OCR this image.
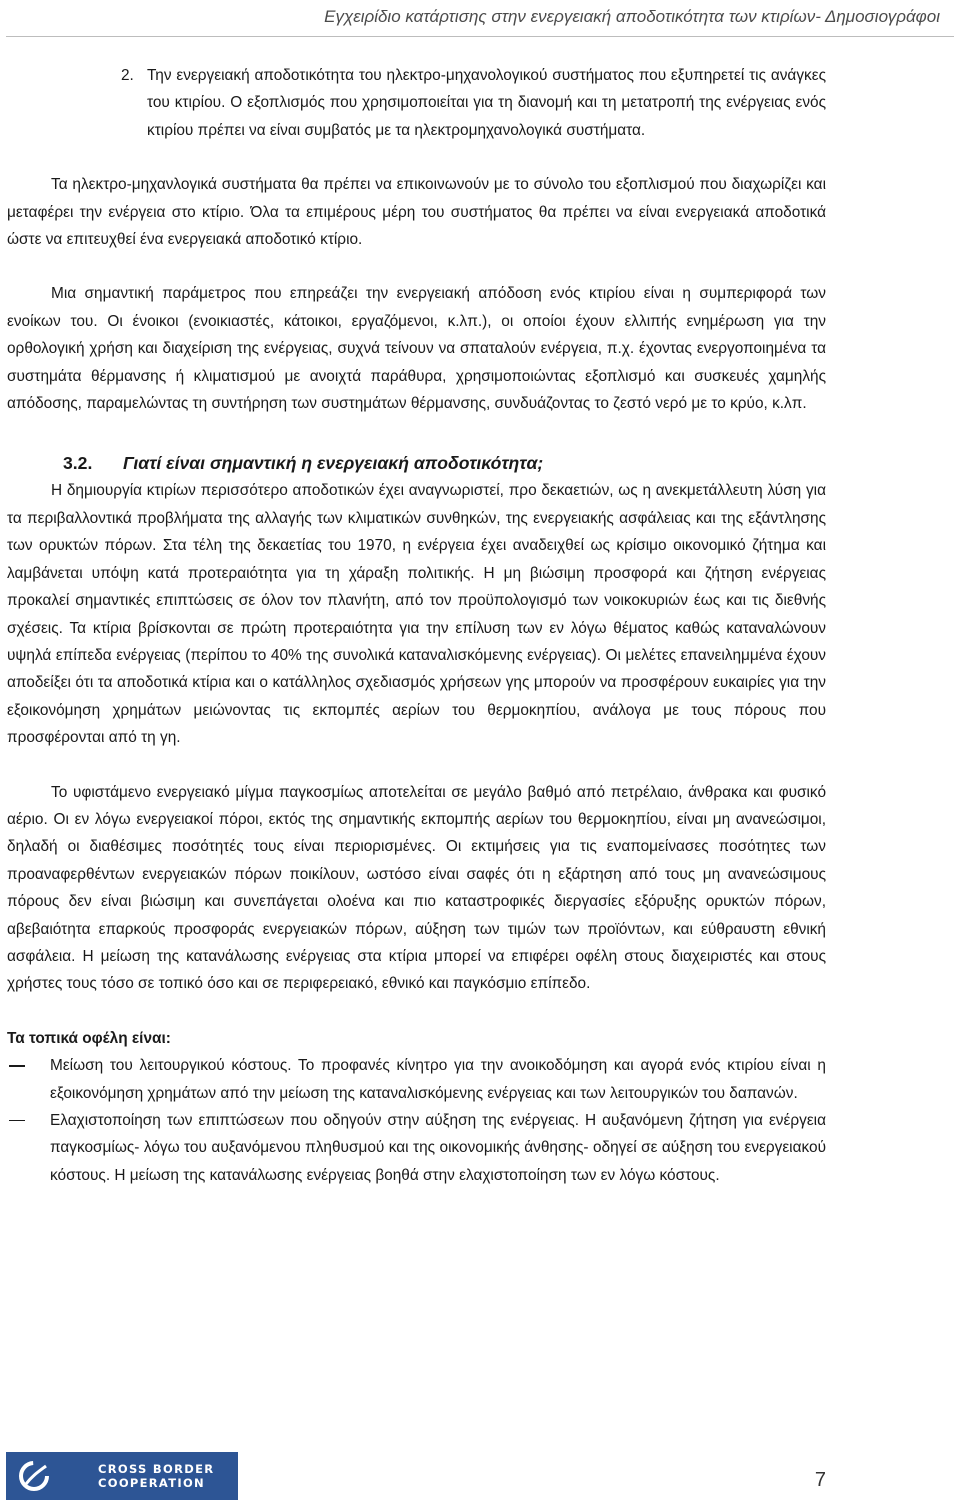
Εγχειρίδιο κατάρτισης στην ενεργειακή αποδοτικότητα των κτιρίων- Δημοσιογράφοι
2. Την ενεργειακή αποδοτικότητα του ηλεκτρο-μηχανολογικού συστήματος που εξυπηρετεί τις ανάγκες του κτιρίου. Ο εξοπλισμός που χρησιμοποιείται για τη διανομή και τη μετατροπή της ενέργειας ενός κτιρίου πρέπει να είναι συμβατός με τα ηλεκτρομηχανολογικά συστήματα.

Τα ηλεκτρο-μηχανλογικά συστήματα θα πρέπει να επικοινωνούν με το σύνολο του εξοπλισμού που διαχωρίζει και μεταφέρει την ενέργεια στο κτίριο. Όλα τα επιμέρους μέρη του συστήματος θα πρέπει να είναι ενεργειακά αποδοτικά ώστε να επιτευχθεί ένα ενεργειακά αποδοτικό κτίριο.

Μια σημαντική παράμετρος που επηρεάζει την ενεργειακή απόδοση ενός κτιρίου είναι η συμπεριφορά των ενοίκων του. Οι ένοικοι (ενοικιαστές, κάτοικοι, εργαζόμενοι, κ.λπ.), οι οποίοι έχουν ελλιπής ενημέρωση για την ορθολογική χρήση και διαχείριση της ενέργειας, συχνά τείνουν να σπαταλούν ενέργεια, π.χ. έχοντας ενεργοποιημένα τα συστημάτα θέρμανσης ή κλιματισμού με ανοιχτά παράθυρα, χρησιμοποιώντας εξοπλισμό και συσκευές χαμηλής απόδοσης, παραμελώντας τη συντήρηση των συστημάτων θέρμανσης, συνδυάζοντας το ζεστό νερό με το κρύο, κ.λπ.

3.2. Γιατί είναι σημαντική η ενεργειακή αποδοτικότητα;

Η δημιουργία κτιρίων περισσότερο αποδοτικών έχει αναγνωριστεί, προ δεκαετιών, ως η ανεκμετάλλευτη λύση για τα περιβαλλοντικά προβλήματα της αλλαγής των κλιματικών συνθηκών, της ενεργειακής ασφάλειας και της εξάντλησης των ορυκτών πόρων. Στα τέλη της δεκαετίας του 1970, η ενέργεια έχει αναδειχθεί ως κρίσιμο οικονομικό ζήτημα και λαμβάνεται υπόψη κατά προτεραιότητα για τη χάραξη πολιτικής. Η μη βιώσιμη προσφορά και ζήτηση ενέργειας προκαλεί σημαντικές επιπτώσεις σε όλον τον πλανήτη, από τον προϋπολογισμό των νοικοκυριών έως και τις διεθνής σχέσεις. Τα κτίρια βρίσκονται σε πρώτη προτεραιότητα για την επίλυση των εν λόγω θέματος καθώς καταναλώνουν υψηλά επίπεδα ενέργειας (περίπου το 40% της συνολικά καταναλισκόμενης ενέργειας). Οι μελέτες επανειλημμένα έχουν αποδείξει ότι τα αποδοτικά κτίρια και ο κατάλληλος σχεδιασμός χρήσεων γης μπορούν να προσφέρουν ευκαιρίες για την εξοικονόμηση χρημάτων μειώνοντας τις εκπομπές αερίων του θερμοκηπίου, ανάλογα με τους πόρους που προσφέρονται από τη γη.

Το υφιστάμενο ενεργειακό μίγμα παγκοσμίως αποτελείται σε μεγάλο βαθμό από πετρέλαιο, άνθρακα και φυσικό αέριο. Οι εν λόγω ενεργειακοί πόροι, εκτός της σημαντικής εκπομπής αερίων του θερμοκηπίου, είναι μη ανανεώσιμοι, δηλαδή οι διαθέσιμες ποσότητές τους είναι περιορισμένες. Οι εκτιμήσεις για τις εναπομείνασες ποσότητες των προαναφερθέντων ενεργειακών πόρων ποικίλουν, ωστόσο είναι σαφές ότι η εξάρτηση από τους μη ανανεώσιμους πόρους δεν είναι βιώσιμη και συνεπάγεται ολοένα και πιο καταστροφικές διεργασίες εξόρυξης ορυκτών πόρων, αβεβαιότητα επαρκούς προσφοράς ενεργειακών πόρων, αύξηση των τιμών των προϊόντων, και εύθραυστη εθνική ασφάλεια. Η μείωση της κατανάλωσης ενέργειας στα κτίρια μπορεί να επιφέρει οφέλη στους διαχειριστές και στους χρήστες τους τόσο σε τοπικό όσο και σε περιφερειακό, εθνικό και παγκόσμιο επίπεδο.

Τα τοπικά οφέλη είναι:

Μείωση του λειτουργικού κόστους. Το προφανές κίνητρο για την ανοικοδόμηση και αγορά ενός κτιρίου είναι η εξοικονόμηση χρημάτων από την μείωση της καταναλισκόμενης ενέργειας και των λειτουργικών του δαπανών.
Ελαχιστοποίηση των επιπτώσεων που οδηγούν στην αύξηση της ενέργειας. Η αυξανόμενη ζήτηση για ενέργεια παγκοσμίως- λόγω του αυξανόμενου πληθυσμού και της οικονομικής άνθησης- οδηγεί σε αύξηση του ενεργειακού κόστους. Η μείωση της κατανάλωσης ενέργειας βοηθά στην ελαχιστοποίηση των εν λόγω κόστους.
CROSS BORDER
COOPERATION	7
